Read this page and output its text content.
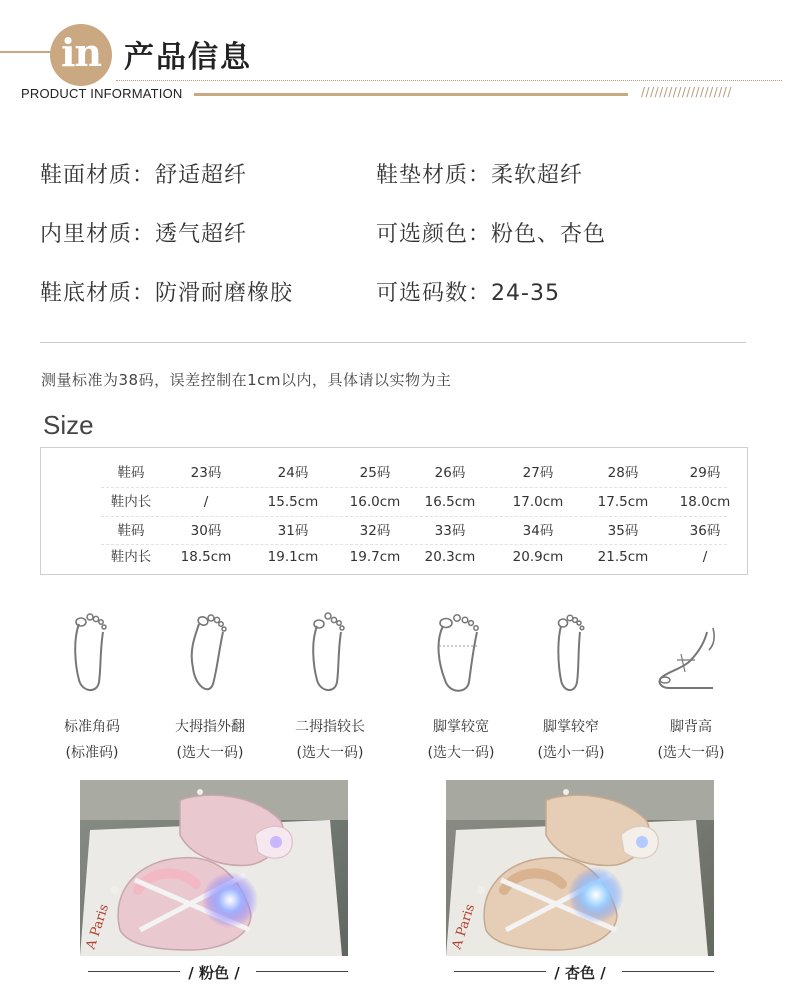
in 产品信息
PRODUCT INFORMATION	////////////////////
鞋面材质：舒适超纤	鞋垫材质：柔软超纤
内里材质：透气超纤	可选颜色：粉色、杏色
鞋底材质：防滑耐磨橡胶	可选码数：24-35
测量标准为38码，误差控制在1cm以内，具体请以实物为主
Size
鞋码	23码	24码	25码	26码	27码	28码	29码
鞋内长	/	15.5cm	16.0cm	16.5cm	17.0cm	17.5cm	18.0cm
鞋码	30码	31码	32码	33码	34码	35码	36码
鞋内长	18.5cm	19.1cm	19.7cm	20.3cm	20.9cm	21.5cm	/
标准角码
(标准码)
大拇指外翻
(选大一码)
二拇指较长
(选大一码)
脚掌较宽
(选大一码)
脚掌较窄
(选小一码)
脚背高
(选大一码)
A Paris
/ 粉色 /
A Paris
/ 杏色 /
